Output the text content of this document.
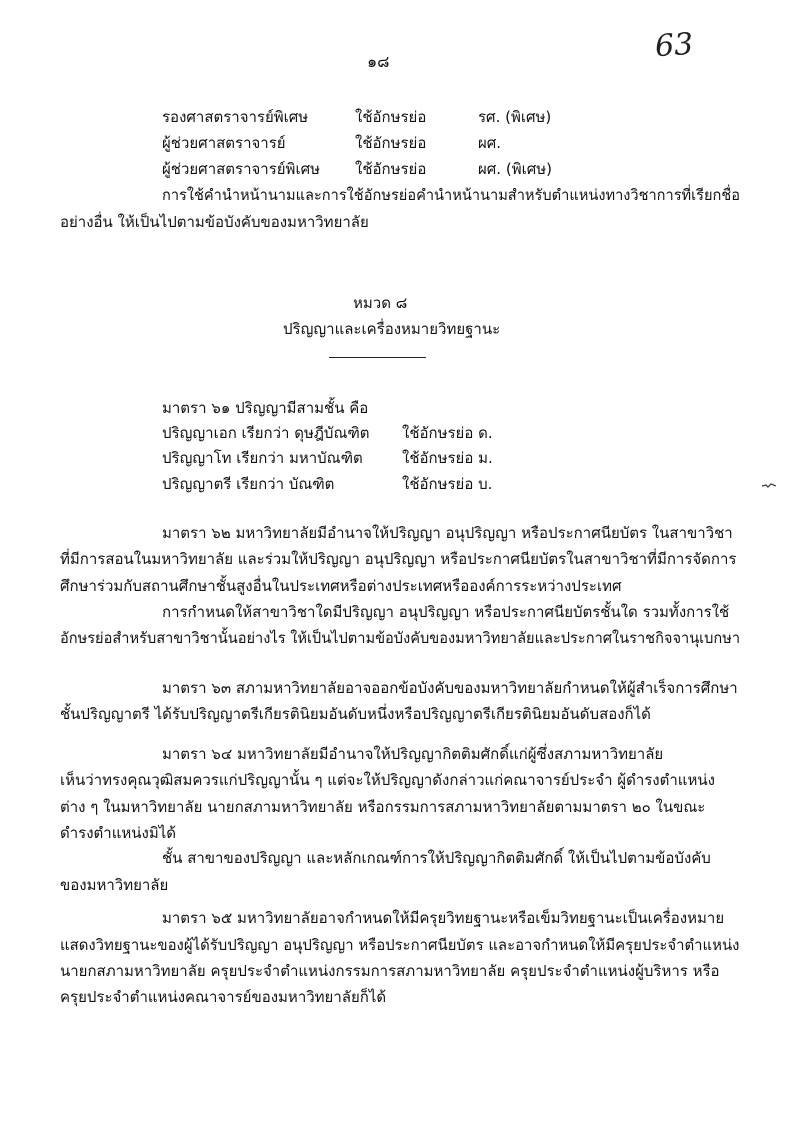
๑๘	63
รองศาสตราจารย์พิเศษ	ใช้อักษรย่อ	รศ. (พิเศษ)
ผู้ช่วยศาสตราจารย์	ใช้อักษรย่อ	ผศ.
ผู้ช่วยศาสตราจารย์พิเศษ ใช้อักษรย่อ	ผศ. (พิเศษ)
การใช้คำนำหน้านามและการใช้อักษรย่อคำนำหน้านามสำหรับตำแหน่งทางวิชาการที่เรียกชื่อ
อย่างอื่น ให้เป็นไปตามข้อบังคับของมหาวิทยาลัย
หมวด ๘
ปริญญาและเครื่องหมายวิทยฐานะ
มาตรา ๖๑ ปริญญามีสามชั้น คือ
ปริญญาเอก เรียกว่า ดุษฎีบัณฑิต ใช้อักษรย่อ ด.
ปริญญาโท เรียกว่า มหาบัณฑิต	ใช้อักษรย่อ ม.
ปริญญาตรี เรียกว่า บัณฑิต	ใช้อักษรย่อ บ.
มาตรา ๖๒ มหาวิทยาลัยมีอำนาจให้ปริญญา อนุปริญญา หรือประกาศนียบัตร ในสาขาวิชา
ที่มีการสอนในมหาวิทยาลัย และร่วมให้ปริญญา อนุปริญญา หรือประกาศนียบัตรในสาขาวิชาที่มีการจัดการ
ศึกษาร่วมกับสถานศึกษาชั้นสูงอื่นในประเทศหรือต่างประเทศหรือองค์การระหว่างประเทศ
การกำหนดให้สาขาวิชาใดมีปริญญา อนุปริญญา หรือประกาศนียบัตรชั้นใด รวมทั้งการใช้
อักษรย่อสำหรับสาขาวิชานั้นอย่างไร ให้เป็นไปตามข้อบังคับของมหาวิทยาลัยและประกาศในราชกิจจานุเบกษา
มาตรา ๖๓ สภามหาวิทยาลัยอาจออกข้อบังคับของมหาวิทยาลัยกำหนดให้ผู้สำเร็จการศึกษา
ชั้นปริญญาตรี ได้รับปริญญาตรีเกียรตินิยมอันดับหนึ่งหรือปริญญาตรีเกียรตินิยมอันดับสองก็ได้
มาตรา ๖๔ มหาวิทยาลัยมีอำนาจให้ปริญญากิตติมศักดิ์แก่ผู้ซึ่งสภามหาวิทยาลัย
เห็นว่าทรงคุณวุฒิสมควรแก่ปริญญานั้น ๆ แต่จะให้ปริญญาดังกล่าวแก่คณาจารย์ประจำ ผู้ดำรงตำแหน่ง
ต่าง ๆ ในมหาวิทยาลัย นายกสภามหาวิทยาลัย หรือกรรมการสภามหาวิทยาลัยตามมาตรา ๒๐ ในขณะ
ดำรงตำแหน่งมิได้
ชั้น สาขาของปริญญา และหลักเกณฑ์การให้ปริญญากิตติมศักดิ์ ให้เป็นไปตามข้อบังคับ
ของมหาวิทยาลัย
มาตรา ๖๕ มหาวิทยาลัยอาจกำหนดให้มีครุยวิทยฐานะหรือเข็มวิทยฐานะเป็นเครื่องหมาย
แสดงวิทยฐานะของผู้ได้รับปริญญา อนุปริญญา หรือประกาศนียบัตร และอาจกำหนดให้มีครุยประจำตำแหน่ง
นายกสภามหาวิทยาลัย ครุยประจำตำแหน่งกรรมการสภามหาวิทยาลัย ครุยประจำตำแหน่งผู้บริหาร หรือ
ครุยประจำตำแหน่งคณาจารย์ของมหาวิทยาลัยก็ได้
